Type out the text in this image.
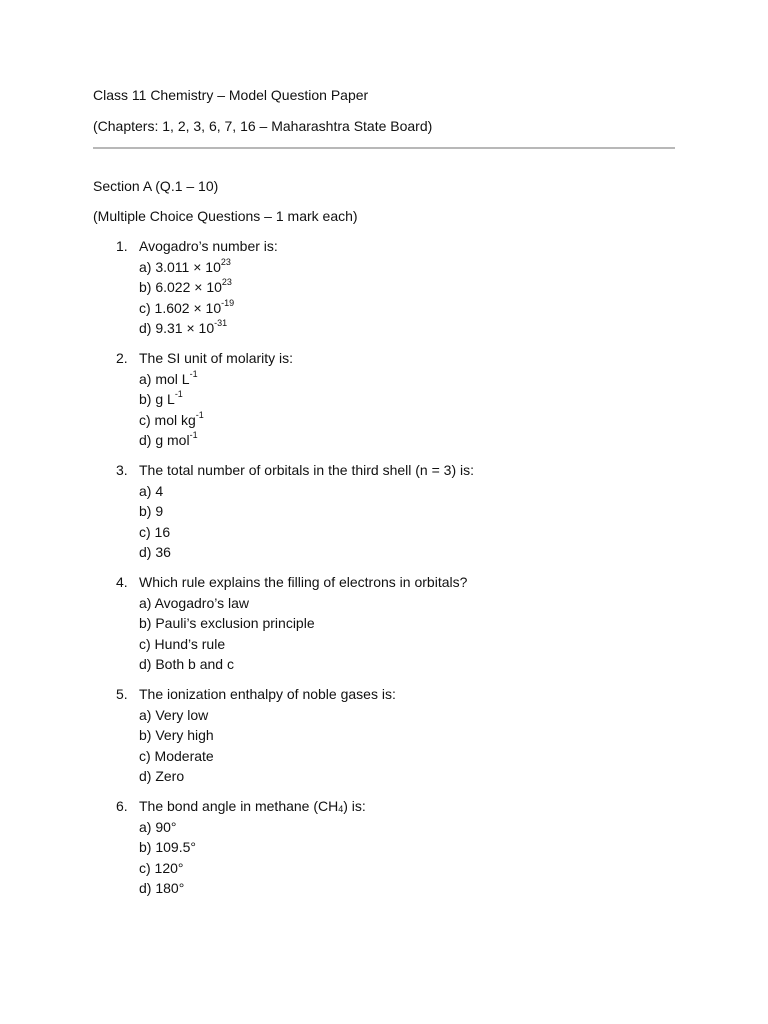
Class 11 Chemistry – Model Question Paper
(Chapters: 1, 2, 3, 6, 7, 16 – Maharashtra State Board)
Section A (Q.1 – 10)
(Multiple Choice Questions – 1 mark each)
1. Avogadro’s number is:
a) $3.011 \times 10^{23}$
b) $6.022 \times 10^{23}$
c) $1.602 \times 10^{-19}$
d) $9.31 \times 10^{-31}$
2. The SI unit of molarity is:
a) mol $L^{-1}$
b) g $L^{-1}$
c) mol $kg^{-1}$
d) g mol$^{-1}$
3. The total number of orbitals in the third shell (n = 3) is:
a) 4
b) 9
c) 16
d) 36
4. Which rule explains the filling of electrons in orbitals?
a) Avogadro’s law
b) Pauli’s exclusion principle
c) Hund’s rule
d) Both b and c
5. The ionization enthalpy of noble gases is:
a) Very low
b) Very high
c) Moderate
d) Zero
6. The bond angle in methane (CH4) is:
a) 90°
b) 109.5°
c) 120°
d) 180°
